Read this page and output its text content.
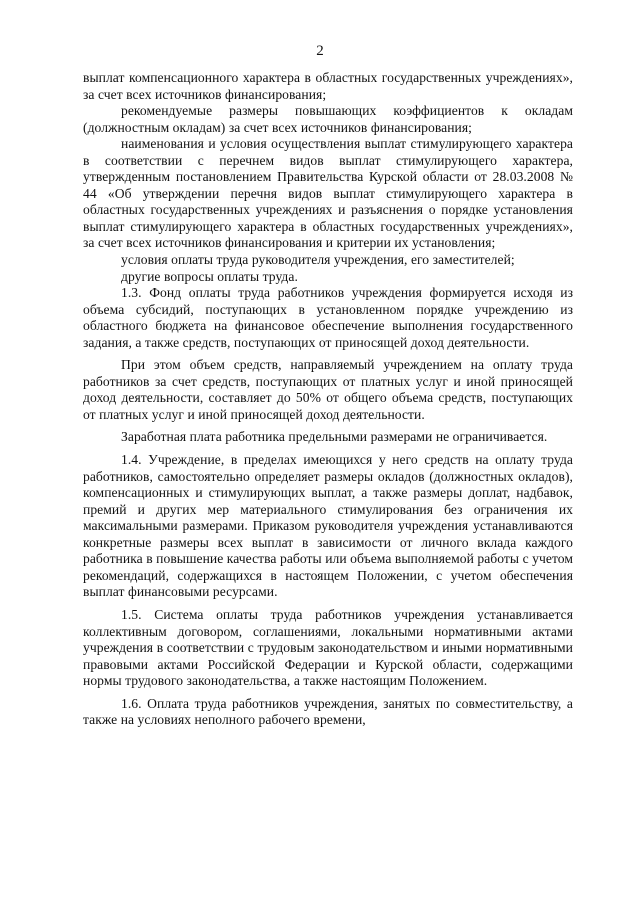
2

выплат компенсационного характера в областных государственных учреждениях», за счет всех источников финансирования;

рекомендуемые размеры повышающих коэффициентов к окладам (должностным окладам) за счет всех источников финансирования;

наименования и условия осуществления выплат стимулирующего характера в соответствии с перечнем видов выплат стимулирующего характера, утвержденным постановлением Правительства Курской области от 28.03.2008 № 44 «Об утверждении перечня видов выплат стимулирующего характера в областных государственных учреждениях и разъяснения о порядке установления выплат стимулирующего характера в областных государственных учреждениях», за счет всех источников финансирования и критерии их установления;

условия оплаты труда руководителя учреждения, его заместителей;

другие вопросы оплаты труда.

1.3. Фонд оплаты труда работников учреждения формируется исходя из объема субсидий, поступающих в установленном порядке учреждению из областного бюджета на финансовое обеспечение выполнения государственного задания, а также средств, поступающих от приносящей доход деятельности.

При этом объем средств, направляемый учреждением на оплату труда работников за счет средств, поступающих от платных услуг и иной приносящей доход деятельности, составляет до 50% от общего объема средств, поступающих от платных услуг и иной приносящей доход деятельности.

Заработная плата работника предельными размерами не ограничивается.

1.4. Учреждение, в пределах имеющихся у него средств на оплату труда работников, самостоятельно определяет размеры окладов (должностных окладов), компенсационных и стимулирующих выплат, а также размеры доплат, надбавок, премий и других мер материального стимулирования без ограничения их максимальными размерами. Приказом руководителя учреждения устанавливаются конкретные размеры всех выплат в зависимости от личного вклада каждого работника в повышение качества работы или объема выполняемой работы с учетом рекомендаций, содержащихся в настоящем Положении, с учетом обеспечения выплат финансовыми ресурсами.

1.5. Система оплаты труда работников учреждения устанавливается коллективным договором, соглашениями, локальными нормативными актами учреждения в соответствии с трудовым законодательством и иными нормативными правовыми актами Российской Федерации и Курской области, содержащими нормы трудового законодательства, а также настоящим Положением.

1.6. Оплата труда работников учреждения, занятых по совместительству, а также на условиях неполного рабочего времени,
